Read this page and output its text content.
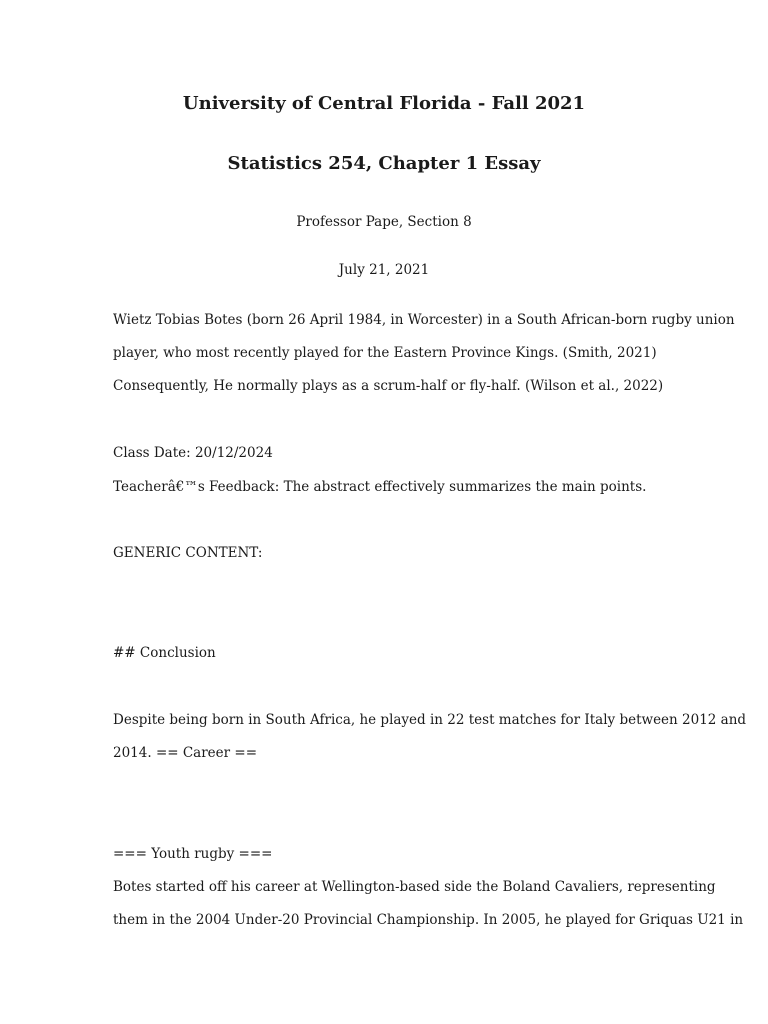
University of Central Florida - Fall 2021
Statistics 254, Chapter 1 Essay
Professor Pape, Section 8
July 21, 2021
Wietz Tobias Botes (born 26 April 1984, in Worcester) in a South African-born rugby union
player, who most recently played for the Eastern Province Kings. (Smith, 2021)
Consequently, He normally plays as a scrum-half or fly-half. (Wilson et al., 2022)
Class Date: 20/12/2024
Teacherâ€™s Feedback: The abstract effectively summarizes the main points.
GENERIC CONTENT:
## Conclusion
Despite being born in South Africa, he played in 22 test matches for Italy between 2012 and
2014. == Career ==
=== Youth rugby ===
Botes started off his career at Wellington-based side the Boland Cavaliers, representing
them in the 2004 Under-20 Provincial Championship. In 2005, he played for Griquas U21 in
